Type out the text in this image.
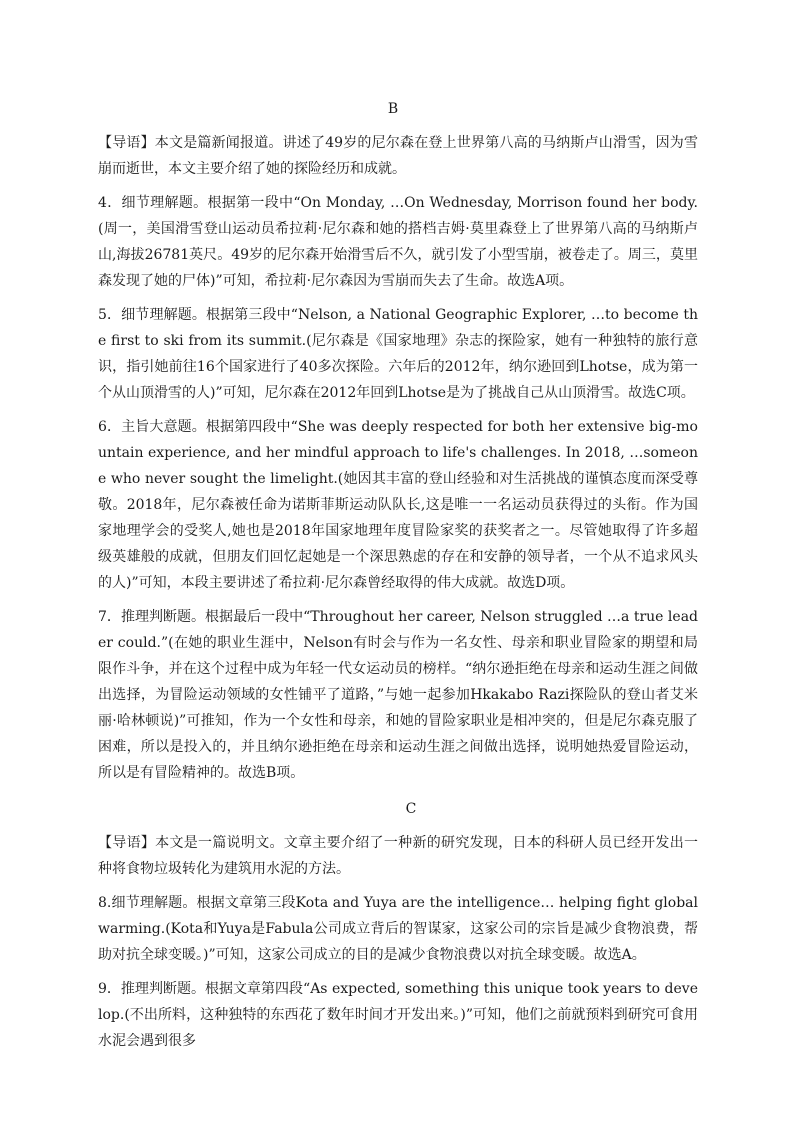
B

【导语】本文是篇新闻报道。讲述了49岁的尼尔森在登上世界第八高的马纳斯卢山滑雪，因为雪崩而逝世，本文主要介绍了她的探险经历和成就。

4．细节理解题。根据第一段中“On Monday, …On Wednesday, Morrison found her body.(周一，美国滑雪登山运动员希拉莉·尼尔森和她的搭档吉姆·莫里森登上了世界第八高的马纳斯卢山,海拔26781英尺。49岁的尼尔森开始滑雪后不久，就引发了小型雪崩，被卷走了。周三，莫里森发现了她的尸体)”可知，希拉莉·尼尔森因为雪崩而失去了生命。故选A项。

5．细节理解题。根据第三段中“Nelson, a National Geographic Explorer, …to become the first to ski from its summit.(尼尔森是《国家地理》杂志的探险家，她有一种独特的旅行意识，指引她前往16个国家进行了40多次探险。六年后的2012年，纳尔逊回到Lhotse，成为第一个从山顶滑雪的人)”可知，尼尔森在2012年回到Lhotse是为了挑战自己从山顶滑雪。故选C项。

6．主旨大意题。根据第四段中“She was deeply respected for both her extensive big-mountain experience, and her mindful approach to life's challenges. In 2018, …someone who never sought the limelight.(她因其丰富的登山经验和对生活挑战的谨慎态度而深受尊敬。2018年，尼尔森被任命为诺斯菲斯运动队队长,这是唯一一名运动员获得过的头衔。作为国家地理学会的受奖人,她也是2018年国家地理年度冒险家奖的获奖者之一。尽管她取得了许多超级英雄般的成就，但朋友们回忆起她是一个深思熟虑的存在和安静的领导者，一个从不追求风头的人)”可知，本段主要讲述了希拉莉·尼尔森曾经取得的伟大成就。故选D项。

7．推理判断题。根据最后一段中“Throughout her career, Nelson struggled …a true leader could.”(在她的职业生涯中，Nelson有时会与作为一名女性、母亲和职业冒险家的期望和局限作斗争，并在这个过程中成为年轻一代女运动员的榜样。“纳尔逊拒绝在母亲和运动生涯之间做出选择，为冒险运动领域的女性铺平了道路，”与她一起参加Hkakabo Razi探险队的登山者艾米丽·哈林顿说)”可推知，作为一个女性和母亲，和她的冒险家职业是相冲突的，但是尼尔森克服了困难，所以是投入的，并且纳尔逊拒绝在母亲和运动生涯之间做出选择，说明她热爱冒险运动，所以是有冒险精神的。故选B项。

C

【导语】本文是一篇说明文。文章主要介绍了一种新的研究发现，日本的科研人员已经开发出一种将食物垃圾转化为建筑用水泥的方法。

8.细节理解题。根据文章第三段Kota and Yuya are the intelligence… helping fight global warming.(Kota和Yuya是Fabula公司成立背后的智谋家，这家公司的宗旨是减少食物浪费，帮助对抗全球变暖。)”可知，这家公司成立的目的是减少食物浪费以对抗全球变暖。故选A。

9．推理判断题。根据文章第四段“As expected, something this unique took years to develop.(不出所料，这种独特的东西花了数年时间才开发出来。)”可知，他们之前就预料到研究可食用水泥会遇到很多
